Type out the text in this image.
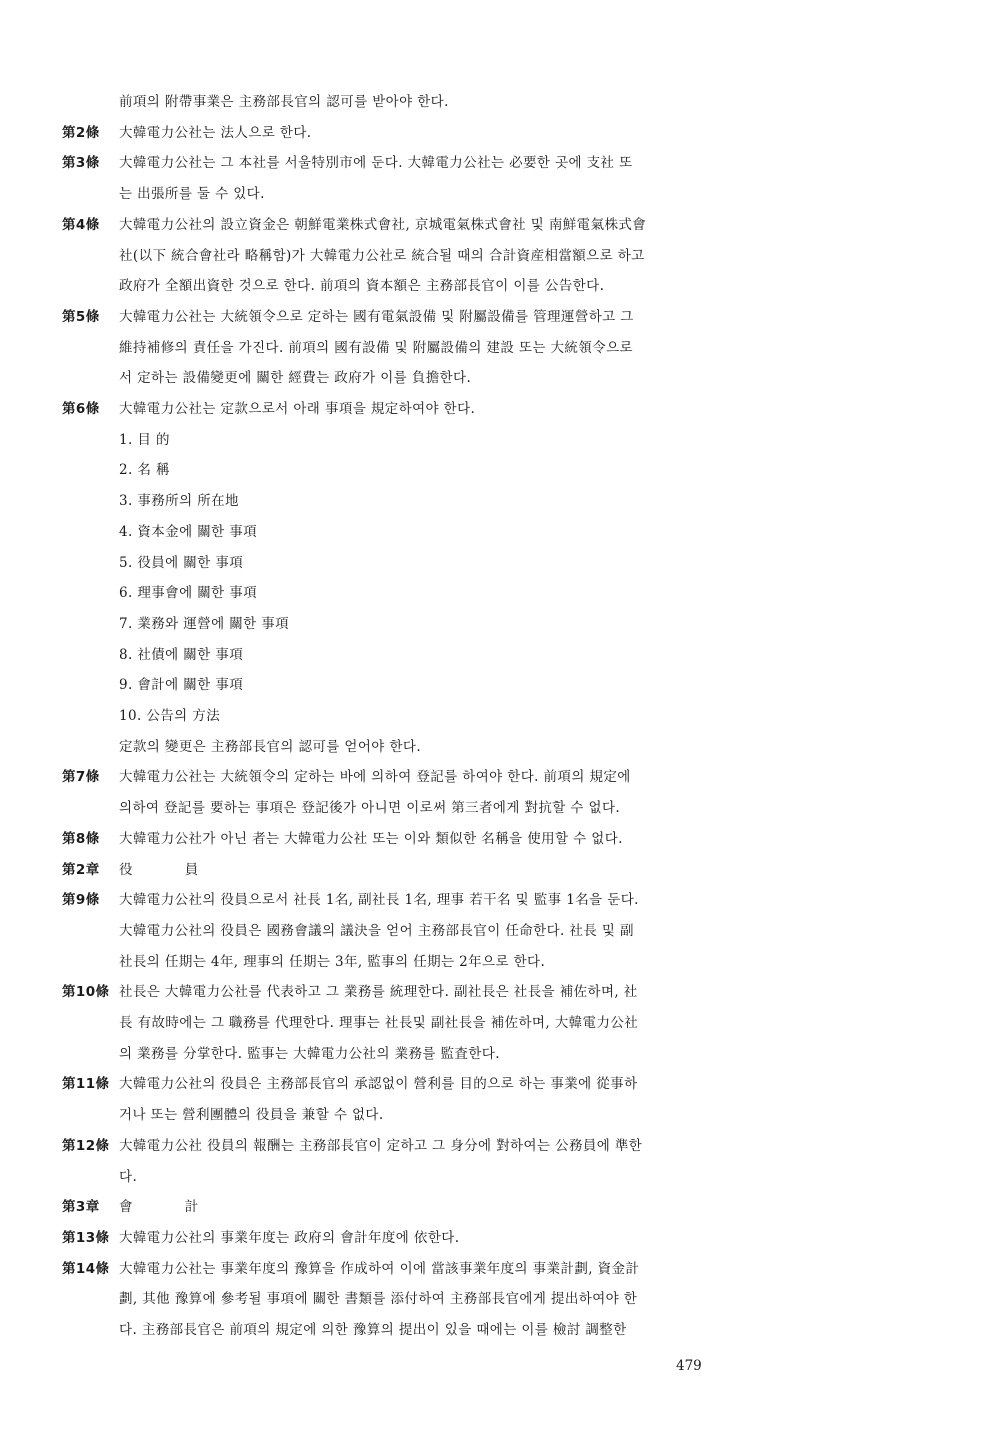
前項의 附帶事業은 主務部長官의 認可를 받아야 한다.
第2條 大韓電力公社는 法人으로 한다.
第3條 大韓電力公社는 그 本社를 서울特別市에 둔다. 大韓電力公社는 必要한 곳에 支社 또
는 出張所를 둘 수 있다.
第4條 大韓電力公社의 設立資金은 朝鮮電業株式會社, 京城電氣株式會社 및 南鮮電氣株式會
社(以下 統合會社라 略稱함)가 大韓電力公社로 統合될 때의 合計資産相當額으로 하고
政府가 全額出資한 것으로 한다. 前項의 資本額은 主務部長官이 이를 公告한다.
第5條 大韓電力公社는 大統領令으로 定하는 國有電氣設備 및 附屬設備를 管理運營하고 그
維持補修의 責任을 가진다. 前項의 國有設備 및 附屬設備의 建設 또는 大統領令으로
서 定하는 設備變更에 關한 經費는 政府가 이를 負擔한다.
第6條 大韓電力公社는 定款으로서 아래 事項을 規定하여야 한다.
1. 目 的
2. 名 稱
3. 事務所의 所在地
4. 資本金에 關한 事項
5. 役員에 關한 事項
6. 理事會에 關한 事項
7. 業務와 運營에 關한 事項
8. 社債에 關한 事項
9. 會計에 關한 事項
10. 公告의 方法
定款의 變更은 主務部長官의 認可를 얻어야 한다.
第7條 大韓電力公社는 大統領令의 定하는 바에 의하여 登記를 하여야 한다. 前項의 規定에
의하여 登記를 要하는 事項은 登記後가 아니면 이로써 第三者에게 對抗할 수 없다.
第8條 大韓電力公社가 아닌 者는 大韓電力公社 또는 이와 類似한 名稱을 使用할 수 없다.
第2章 役 員
第9條 大韓電力公社의 役員으로서 社長 1名, 副社長 1名, 理事 若干名 및 監事 1名을 둔다.
大韓電力公社의 役員은 國務會議의 議決을 얻어 主務部長官이 任命한다. 社長 및 副
社長의 任期는 4年, 理事의 任期는 3年, 監事의 任期는 2年으로 한다.
第10條 社長은 大韓電力公社를 代表하고 그 業務를 統理한다. 副社長은 社長을 補佐하며, 社
長 有故時에는 그 職務를 代理한다. 理事는 社長및 副社長을 補佐하며, 大韓電力公社
의 業務를 分掌한다. 監事는 大韓電力公社의 業務를 監査한다.
第11條 大韓電力公社의 役員은 主務部長官의 承認없이 營利를 目的으로 하는 事業에 從事하
거나 또는 營利團體의 役員을 兼할 수 없다.
第12條 大韓電力公社 役員의 報酬는 主務部長官이 定하고 그 身分에 對하여는 公務員에 準한
다.
第3章 會 計
第13條 大韓電力公社의 事業年度는 政府의 會計年度에 依한다.
第14條 大韓電力公社는 事業年度의 豫算을 作成하여 이에 當該事業年度의 事業計劃, 資金計
劃, 其他 豫算에 參考될 事項에 關한 書類를 添付하여 主務部長官에게 提出하여야 한
다. 主務部長官은 前項의 規定에 의한 豫算의 提出이 있을 때에는 이를 檢討 調整한
479
